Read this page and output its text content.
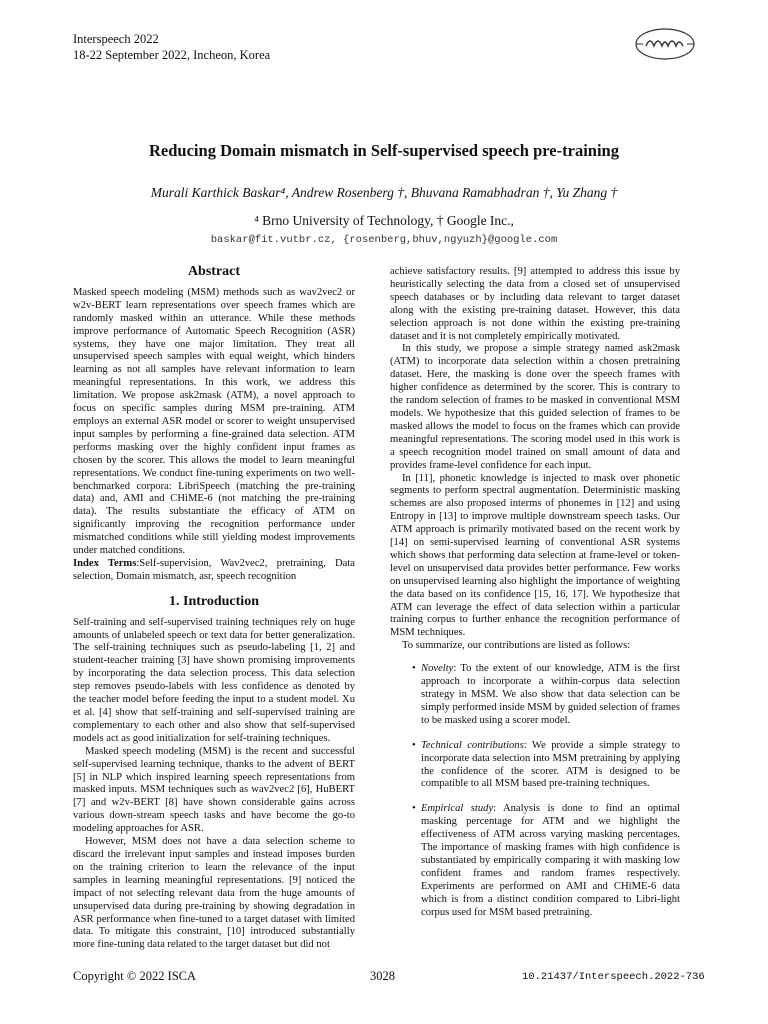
Interspeech 2022
18-22 September 2022, Incheon, Korea
Reducing Domain mismatch in Self-supervised speech pre-training
Murali Karthick Baskar⁴, Andrew Rosenberg †, Bhuvana Ramabhadran †, Yu Zhang †
⁴ Brno University of Technology, † Google Inc.,
baskar@fit.vutbr.cz, {rosenberg,bhuv,ngyuzh}@google.com
Abstract

Masked speech modeling (MSM) methods such as wav2vec2 or w2v-BERT learn representations over speech frames which are randomly masked within an utterance. While these methods improve performance of Automatic Speech Recognition (ASR) systems, they have one major limitation. They treat all unsupervised speech samples with equal weight, which hinders learning as not all samples have relevant information to learn meaningful representations. In this work, we address this limitation. We propose ask2mask (ATM), a novel approach to focus on specific samples during MSM pre-training. ATM employs an external ASR model or scorer to weight unsupervised input samples by performing a fine-grained data selection. ATM performs masking over the highly confident input frames as chosen by the scorer. This allows the model to learn meaningful representations. We conduct fine-tuning experiments on two well-benchmarked corpora: LibriSpeech (matching the pre-training data) and, AMI and CHiME-6 (not matching the pre-training data). The results substantiate the efficacy of ATM on significantly improving the recognition performance under mismatched conditions while still yielding modest improvements under matched conditions.

Index Terms:Self-supervision, Wav2vec2, pretraining, Data selection, Domain mismatch, asr, speech recognition

1. Introduction

Self-training and self-supervised training techniques rely on huge amounts of unlabeled speech or text data for better generalization. The self-training techniques such as pseudo-labeling [1, 2] and student-teacher training [3] have shown promising improvements by incorporating the data selection process. This data selection step removes pseudo-labels with less confidence as denoted by the teacher model before feeding the input to a student model. Xu et al. [4] show that self-training and self-supervised training are complementary to each other and also show that self-supervised models act as good initialization for self-training techniques.

Masked speech modeling (MSM) is the recent and successful self-supervised learning technique, thanks to the advent of BERT [5] in NLP which inspired learning speech representations from masked inputs. MSM techniques such as wav2vec2 [6], HuBERT [7] and w2v-BERT [8] have shown considerable gains across various down-stream speech tasks and have become the go-to modeling approaches for ASR.

However, MSM does not have a data selection scheme to discard the irrelevant input samples and instead imposes burden on the training criterion to learn the relevance of the input samples in learning meaningful representations. [9] noticed the impact of not selecting relevant data from the huge amounts of unsupervised data during pre-training by showing degradation in ASR performance when fine-tuned to a target dataset with limited data. To mitigate this constraint, [10] introduced substantially more fine-tuning data related to the target dataset but did not

achieve satisfactory results. [9] attempted to address this issue by heuristically selecting the data from a closed set of unsupervised speech databases or by including data relevant to target dataset along with the existing pre-training dataset. However, this data selection approach is not done within the existing pre-training dataset and it is not completely empirically motivated.

In this study, we propose a simple strategy named ask2mask (ATM) to incorporate data selection within a chosen pretraining dataset. Here, the masking is done over the speech frames with higher confidence as determined by the scorer. This is contrary to the random selection of frames to be masked in conventional MSM models. We hypothesize that this guided selection of frames to be masked allows the model to focus on the frames which can provide meaningful representations. The scoring model used in this work is a speech recognition model trained on small amount of data and provides frame-level confidence for each input.

In [11], phonetic knowledge is injected to mask over phonetic segments to perform spectral augmentation. Deterministic masking schemes are also proposed interms of phonemes in [12] and using Entropy in [13] to improve multiple downstream speech tasks. Our ATM approach is primarily motivated based on the recent work by [14] on semi-supervised learning of conventional ASR systems which shows that performing data selection at frame-level or token-level on unsupervised data provides better performance. Few works on unsupervised learning also highlight the importance of weighting the data based on its confidence [15, 16, 17]. We hypothesize that ATM can leverage the effect of data selection within a particular training corpus to further enhance the recognition performance of MSM techniques.

To summarize, our contributions are listed as follows:

• Novelty: To the extent of our knowledge, ATM is the first approach to incorporate a within-corpus data selection strategy in MSM. We also show that data selection can be simply performed inside MSM by guided selection of frames to be masked using a scorer model.
• Technical contributions: We provide a simple strategy to incorporate data selection into MSM pretraining by applying the confidence of the scorer. ATM is designed to be compatible to all MSM based pre-training techniques.
• Empirical study: Analysis is done to find an optimal masking percentage for ATM and we highlight the effectiveness of ATM across varying masking percentages. The importance of masking frames with high confidence is substantiated by empirically comparing it with masking low confident frames and random frames respectively. Experiments are performed on AMI and CHiME-6 data which is from a distinct condition compared to Libri-light corpus used for MSM based pretraining.
Copyright © 2022 ISCA	3028	10.21437/Interspeech.2022-736
